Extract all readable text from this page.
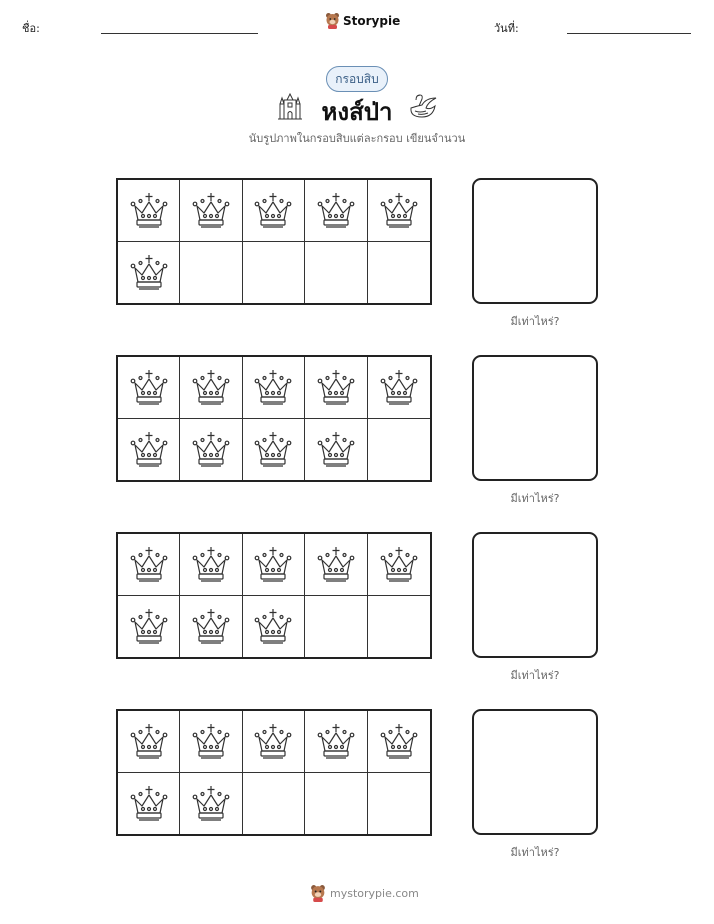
ชื่อ:
Storypie
วันที่:
กรอบสิบ
หงส์ป่า
นับรูปภาพในกรอบสิบแต่ละกรอบ เขียนจำนวน
มีเท่าไหร่?
มีเท่าไหร่?
มีเท่าไหร่?
มีเท่าไหร่?
mystorypie.com
